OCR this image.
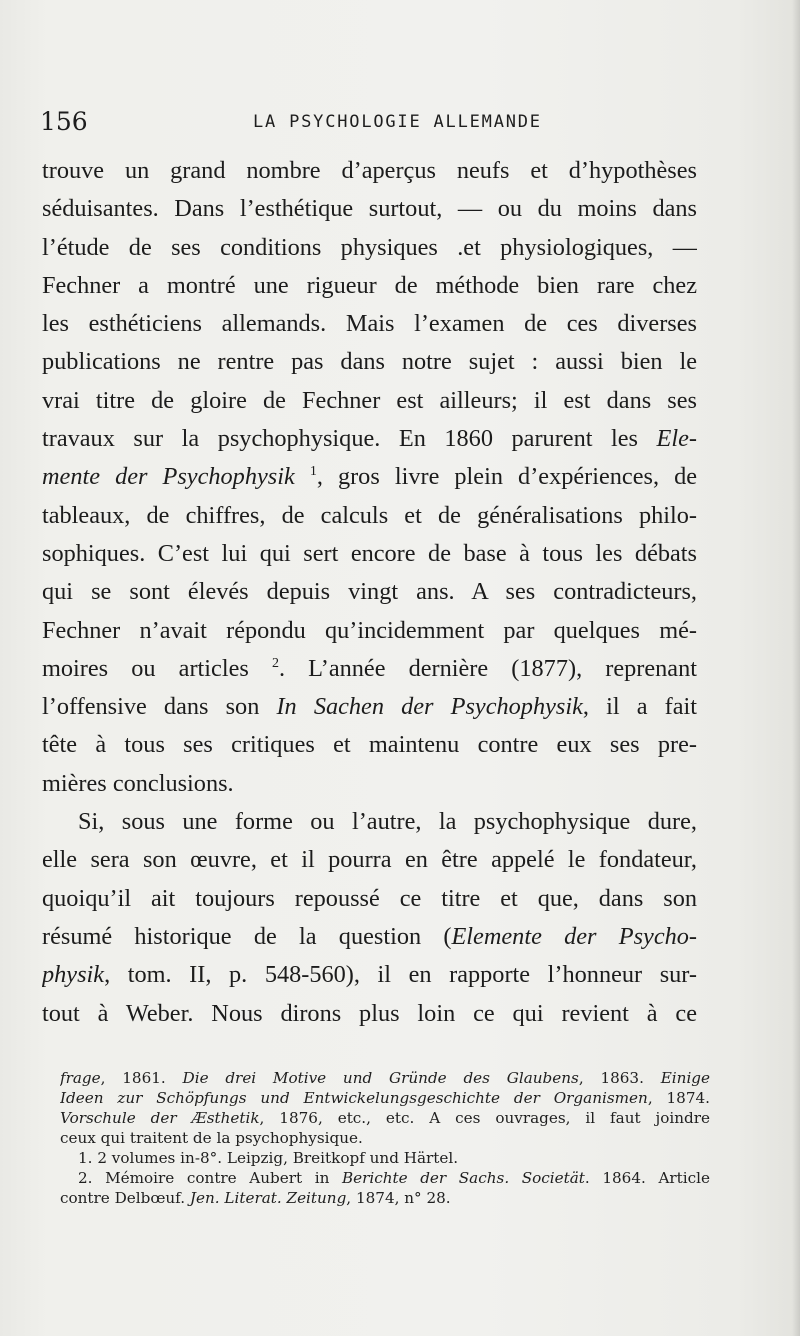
156	LA PSYCHOLOGIE ALLEMANDE
trouve un grand nombre d’aperçus neufs et d’hypothèses
séduisantes. Dans l’esthétique surtout, — ou du moins dans
l’étude de ses conditions physiques .et physiologiques, —
Fechner a montré une rigueur de méthode bien rare chez
les esthéticiens allemands. Mais l’examen de ces diverses
publications ne rentre pas dans notre sujet : aussi bien le
vrai titre de gloire de Fechner est ailleurs; il est dans ses
travaux sur la psychophysique. En 1860 parurent les Ele-
mente der Psychophysik $^1$, gros livre plein d’expériences, de
tableaux, de chiffres, de calculs et de généralisations philo-
sophiques. C’est lui qui sert encore de base à tous les débats
qui se sont élevés depuis vingt ans. A ses contradicteurs,
Fechner n’avait répondu qu’incidemment par quelques mé-
moires ou articles $^2$. L’année dernière (1877), reprenant
l’offensive dans son In Sachen der Psychophysik, il a fait
tête à tous ses critiques et maintenu contre eux ses pre-
mières conclusions.
Si, sous une forme ou l’autre, la psychophysique dure,
elle sera son œuvre, et il pourra en être appelé le fondateur,
quoiqu’il ait toujours repoussé ce titre et que, dans son
résumé historique de la question (Elemente der Psycho-
physik, tom. II, p. 548-560), il en rapporte l’honneur sur-
tout à Weber. Nous dirons plus loin ce qui revient à ce
frage, 1861. Die drei Motive und Gründe des Glaubens, 1863. Einige
Ideen zur Schöpfungs und Entwickelungsgeschichte der Organismen, 1874.
Vorschule der Æsthetik, 1876, etc., etc. A ces ouvrages, il faut joindre
ceux qui traitent de la psychophysique.
1. 2 volumes in-8°. Leipzig, Breitkopf und Härtel.
2. Mémoire contre Aubert in Berichte der Sachs. Societät. 1864. Article
contre Delbœuf. Jen. Literat. Zeitung, 1874, n° 28.
